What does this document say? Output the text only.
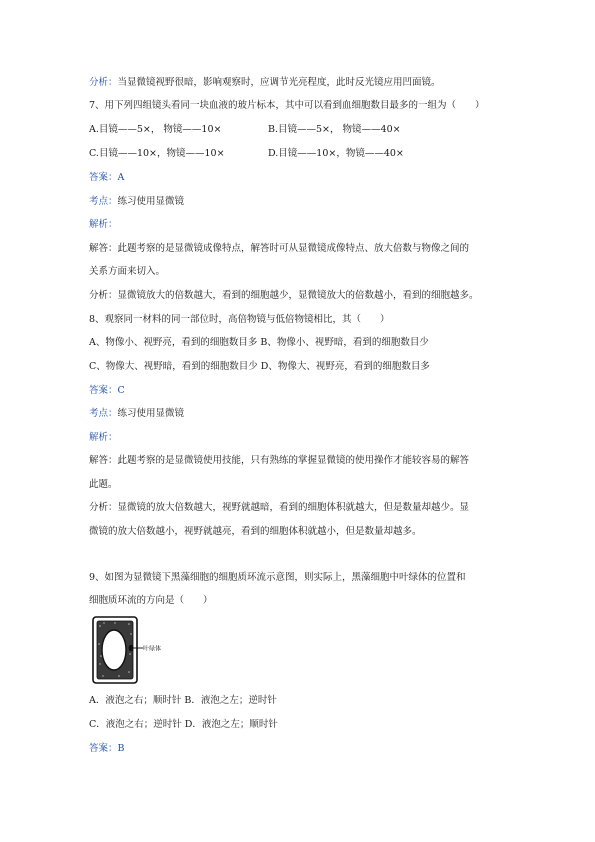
分析：当显微镜视野很暗，影响观察时，应调节光亮程度，此时反光镜应用凹面镜。
7、用下列四组镜头看同一块血液的玻片标本，其中可以看到血细胞数目最多的一组为（　　）
A.目镜——5×， 物镜——10×	B.目镜——5×， 物镜——40×
C.目镜——10×，物镜——10×	D.目镜——10×，物镜——40×
答案：A
考点：练习使用显微镜
解析：
解答：此题考察的是显微镜成像特点，解答时可从显微镜成像特点、放大倍数与物像之间的
关系方面来切入。
分析：显微镜放大的倍数越大，看到的细胞越少，显微镜放大的倍数越小，看到的细胞越多。
8、观察同一材料的同一部位时，高倍物镜与低倍物镜相比，其（　　）
A、物像小、视野亮，看到的细胞数目多 B、物像小、视野暗，看到的细胞数目少
C、物像大、视野暗，看到的细胞数目少 D、物像大、视野亮，看到的细胞数目多
答案：C
考点：练习使用显微镜
解析：
解答：此题考察的是显微镜使用技能，只有熟练的掌握显微镜的使用操作才能较容易的解答
此题。
分析：显微镜的放大倍数越大，视野就越暗，看到的细胞体积就越大，但是数量却越少。显
微镜的放大倍数越小，视野就越亮，看到的细胞体积就越小，但是数量却越多。
9、如图为显微镜下黑藻细胞的细胞质环流示意图，则实际上，黑藻细胞中叶绿体的位置和
细胞质环流的方向是（　　）
叶绿体
A．液泡之右；顺时针 B．液泡之左；逆时针
C．液泡之右；逆时针 D．液泡之左；顺时针
答案：B
